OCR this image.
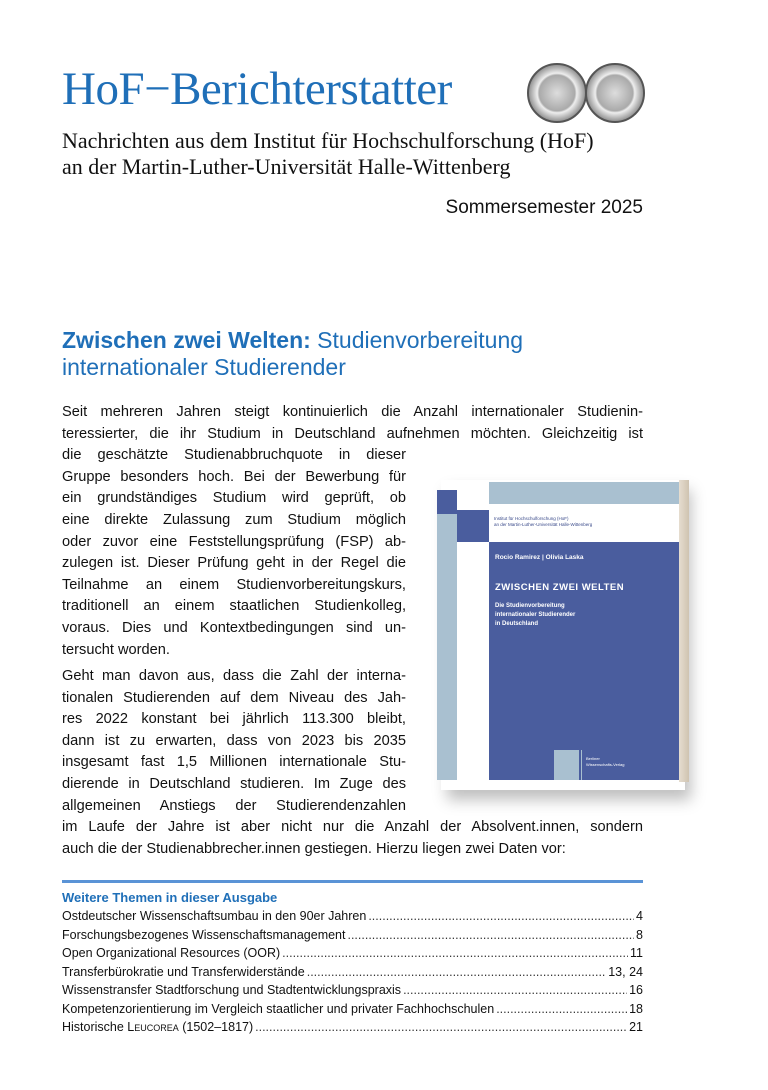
HoF−Berichterstatter
Nachrichten aus dem Institut für Hochschulforschung (HoF)
an der Martin-Luther-Universität Halle-Wittenberg
Sommersemester 2025
Zwischen zwei Welten: Studienvorbereitung
internationaler Studierender
Seit mehreren Jahren steigt kontinuierlich die Anzahl internationaler Studienin-
teressierter, die ihr Studium in Deutschland aufnehmen möchten. Gleichzeitig ist
die geschätzte Studienabbruchquote in dieser
Gruppe besonders hoch. Bei der Bewerbung für
ein grundständiges Studium wird geprüft, ob
eine direkte Zulassung zum Studium möglich
oder zuvor eine Feststellungsprüfung (FSP) ab-
zulegen ist. Dieser Prüfung geht in der Regel die
Teilnahme an einem Studienvorbereitungskurs,
traditionell an einem staatlichen Studienkolleg,
voraus. Dies und Kontextbedingungen sind un-
tersucht worden.
Geht man davon aus, dass die Zahl der interna-
tionalen Studierenden auf dem Niveau des Jah-
res 2022 konstant bei jährlich 113.300 bleibt,
dann ist zu erwarten, dass von 2023 bis 2035
insgesamt fast 1,5 Millionen internationale Stu-
dierende in Deutschland studieren. Im Zuge des
allgemeinen Anstiegs der Studierendenzahlen
im Laufe der Jahre ist aber nicht nur die Anzahl der Absolvent.innen, sondern
auch die der Studienabbrecher.innen gestiegen. Hierzu liegen zwei Daten vor:
Institut für Hochschulforschung (HoF)
an der Martin-Luther-Universität Halle-Wittenberg
Rocio Ramirez | Olivia Laska
ZWISCHEN ZWEI WELTEN
Die Studienvorbereitung
internationaler Studierender
in Deutschland
Berliner
Wissenschafts-Verlag
Weitere Themen in dieser Ausgabe
Ostdeutscher Wissenschaftsumbau in den 90er Jahren .....	4
Forschungsbezogenes Wissenschaftsmanagement .....	8
Open Organizational Resources (OOR) .....	11
Transferbürokratie und Transferwiderstände .....	13, 24
Wissenstransfer Stadtforschung und Stadtentwicklungspraxis .....	16
Kompetenzorientierung im Vergleich staatlicher und privater Fachhochschulen .....	18
Historische Leucorea (1502–1817) .....	21
